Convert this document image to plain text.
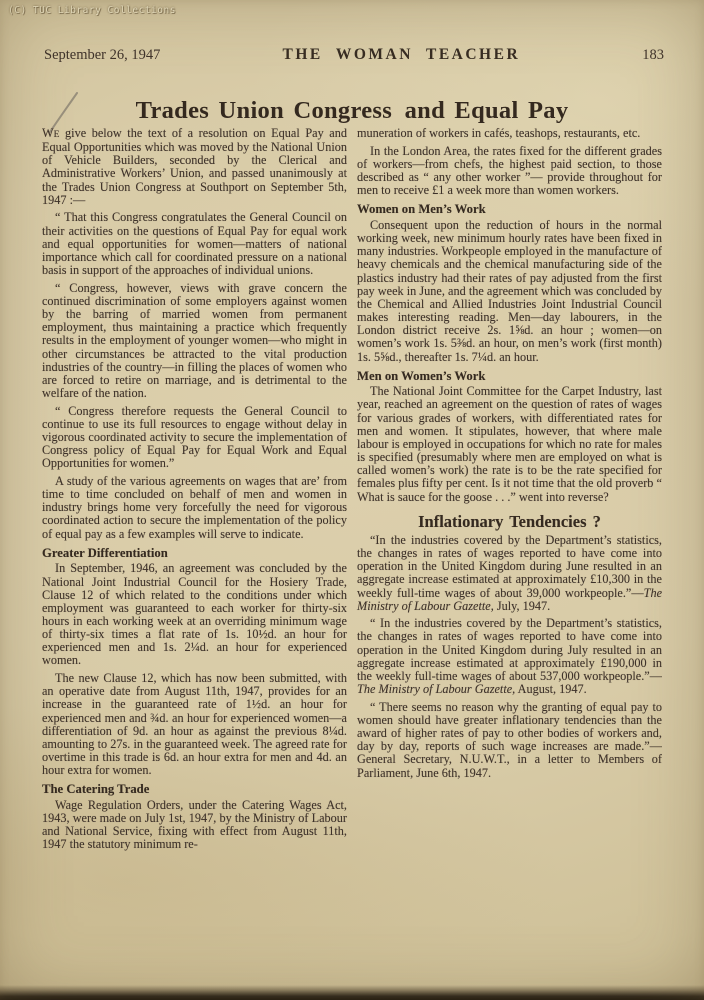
(C) TUC Library Collections
September 26, 1947	THE WOMAN TEACHER	183
Trades Union Congress and Equal Pay

WE give below the text of a resolution on Equal Pay and Equal Opportunities which was moved by the National Union of Vehicle Builders, seconded by the Clerical and Administrative Workers’ Union, and passed unanimously at the Trades Union Congress at Southport on September 5th, 1947 :—

“ That this Congress congratulates the General Council on their activities on the questions of Equal Pay for equal work and equal opportunities for women—matters of national importance which call for coordinated pressure on a national basis in support of the approaches of individual unions.

“ Congress, however, views with grave concern the continued discrimination of some employers against women by the barring of married women from permanent employment, thus maintaining a practice which frequently results in the employment of younger women—who might in other circumstances be attracted to the vital production industries of the country—in filling the places of women who are forced to retire on marriage, and is detrimental to the welfare of the nation.

“ Congress therefore requests the General Council to continue to use its full resources to engage without delay in vigorous coordinated activity to secure the implementation of Congress policy of Equal Pay for Equal Work and Equal Opportunities for women.”

A study of the various agreements on wages that are’ from time to time concluded on behalf of men and women in industry brings home very forcefully the need for vigorous coordinated action to secure the implementation of the policy of equal pay as a few examples will serve to indicate.

Greater Differentiation

In September, 1946, an agreement was concluded by the National Joint Industrial Council for the Hosiery Trade, Clause 12 of which related to the conditions under which employment was guaranteed to each worker for thirty-six hours in each working week at an overriding minimum wage of thirty-six times a flat rate of 1s. 10½d. an hour for experienced men and 1s. 2¼d. an hour for experienced women.

The new Clause 12, which has now been submitted, with an operative date from August 11th, 1947, provides for an increase in the guaranteed rate of 1½d. an hour for experienced men and ¾d. an hour for experienced women—a differentiation of 9d. an hour as against the previous 8¼d. amounting to 27s. in the guaranteed week. The agreed rate for overtime in this trade is 6d. an hour extra for men and 4d. an hour extra for women.

The Catering Trade

Wage Regulation Orders, under the Catering Wages Act, 1943, were made on July 1st, 1947, by the Ministry of Labour and National Service, fixing with effect from August 11th, 1947 the statutory minimum re-

muneration of workers in cafés, teashops, restaurants, etc.

In the London Area, the rates fixed for the different grades of workers—from chefs, the highest paid section, to those described as “ any other worker ”— provide throughout for men to receive £1 a week more than women workers.

Women on Men’s Work

Consequent upon the reduction of hours in the normal working week, new minimum hourly rates have been fixed in many industries. Workpeople employed in the manufacture of heavy chemicals and the chemical manufacturing side of the plastics industry had their rates of pay adjusted from the first pay week in June, and the agreement which was concluded by the Chemical and Allied Industries Joint Industrial Council makes interesting reading. Men—day labourers, in the London district receive 2s. 1⅝d. an hour ; women—on women’s work 1s. 5⅜d. an hour, on men’s work (first month) 1s. 5⅝d., thereafter 1s. 7¼d. an hour.

Men on Women’s Work

The National Joint Committee for the Carpet Industry, last year, reached an agreement on the question of rates of wages for various grades of workers, with differentiated rates for men and women. It stipulates, however, that where male labour is employed in occupations for which no rate for males is specified (presumably where men are employed on what is called women’s work) the rate is to be the rate specified for females plus fifty per cent. Is it not time that the old proverb “ What is sauce for the goose . . .” went into reverse?

Inflationary Tendencies ?

“In the industries covered by the Department’s statistics, the changes in rates of wages reported to have come into operation in the United Kingdom during June resulted in an aggregate increase estimated at approximately £10,300 in the weekly full-time wages of about 39,000 workpeople.”—The Ministry of Labour Gazette, July, 1947.

“ In the industries covered by the Department’s statistics, the changes in rates of wages reported to have come into operation in the United Kingdom during July resulted in an aggregate increase estimated at approximately £190,000 in the weekly full-time wages of about 537,000 workpeople.”—The Ministry of Labour Gazette, August, 1947.

“ There seems no reason why the granting of equal pay to women should have greater inflationary tendencies than the award of higher rates of pay to other bodies of workers and, day by day, reports of such wage increases are made.”—General Secretary, N.U.W.T., in a letter to Members of Parliament, June 6th, 1947.
